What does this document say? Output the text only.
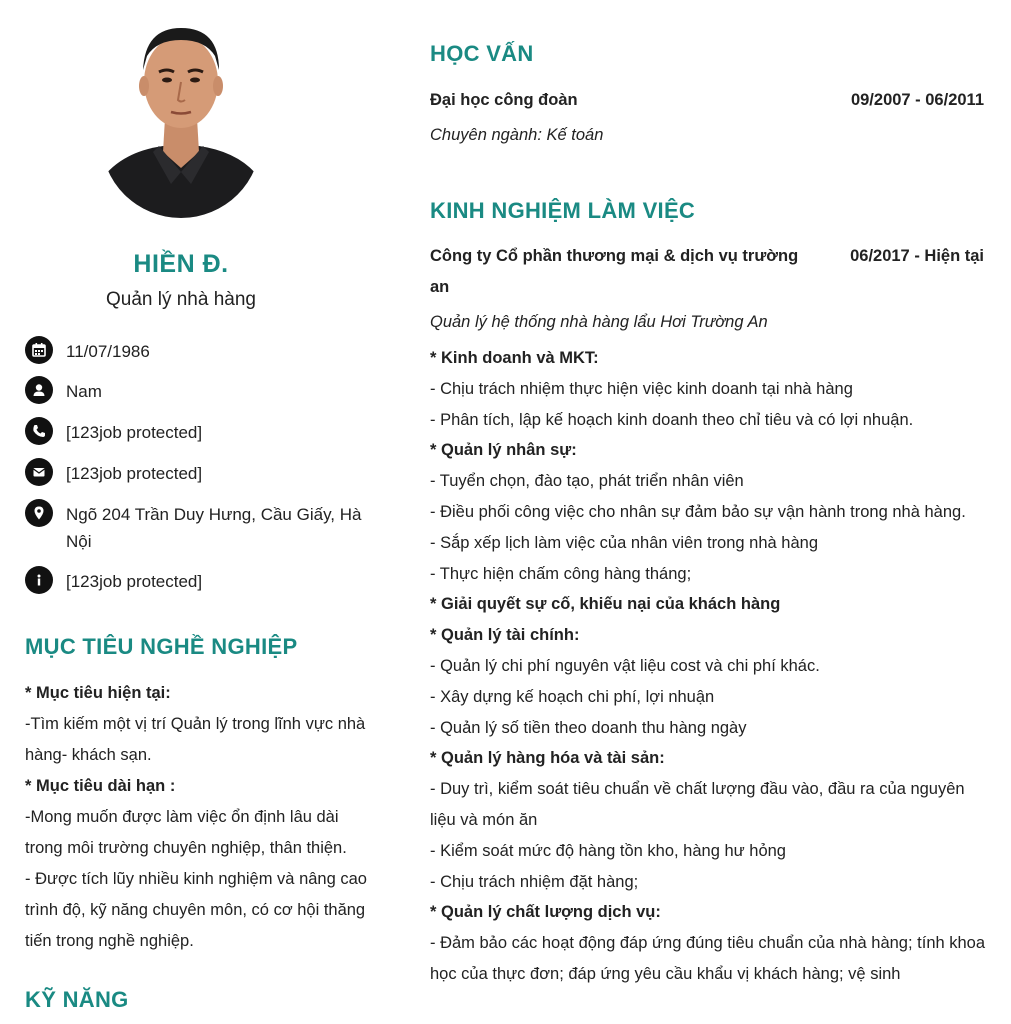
HIỀN Đ.
Quản lý nhà hàng
11/07/1986
Nam
[123job protected]
[123job protected]
Ngõ 204 Trần Duy Hưng, Cầu Giấy, Hà Nội
[123job protected]
MỤC TIÊU NGHỀ NGHIỆP
* Mục tiêu hiện tại:
-Tìm kiếm một vị trí Quản lý trong lĩnh vực nhà hàng- khách sạn.
* Mục tiêu dài hạn :
-Mong muốn được làm việc ổn định lâu dài trong môi trường chuyên nghiệp, thân thiện.
- Được tích lũy nhiều kinh nghiệm và nâng cao trình độ, kỹ năng chuyên môn, có cơ hội thăng tiến trong nghề nghiệp.
KỸ NĂNG
HỌC VẤN
Đại học công đoàn	09/2007 - 06/2011
Chuyên ngành: Kế toán
KINH NGHIỆM LÀM VIỆC
Công ty Cổ phần thương mại & dịch vụ trường an
06/2017 - Hiện tại
Quản lý hệ thống nhà hàng lẩu Hơi Trường An
* Kinh doanh và MKT:
- Chịu trách nhiệm thực hiện việc kinh doanh tại nhà hàng
- Phân tích, lập kế hoạch kinh doanh theo chỉ tiêu và có lợi nhuận.
* Quản lý nhân sự:
- Tuyển chọn, đào tạo, phát triển nhân viên
- Điều phối công việc cho nhân sự đảm bảo sự vận hành trong nhà hàng.
- Sắp xếp lịch làm việc của nhân viên trong nhà hàng
- Thực hiện chấm công hàng tháng;
* Giải quyết sự cố, khiếu nại của khách hàng
* Quản lý tài chính:
- Quản lý chi phí nguyên vật liệu cost và chi phí khác.
- Xây dựng kế hoạch chi phí, lợi nhuận
- Quản lý số tiền theo doanh thu hàng ngày
* Quản lý hàng hóa và tài sản:
- Duy trì, kiểm soát tiêu chuẩn về chất lượng đầu vào, đầu ra của nguyên liệu và món ăn
- Kiểm soát mức độ hàng tồn kho, hàng hư hỏng
- Chịu trách nhiệm đặt hàng;
* Quản lý chất lượng dịch vụ:
- Đảm bảo các hoạt động đáp ứng đúng tiêu chuẩn của nhà hàng; tính khoa học của thực đơn; đáp ứng yêu cầu khẩu vị khách hàng; vệ sinh
